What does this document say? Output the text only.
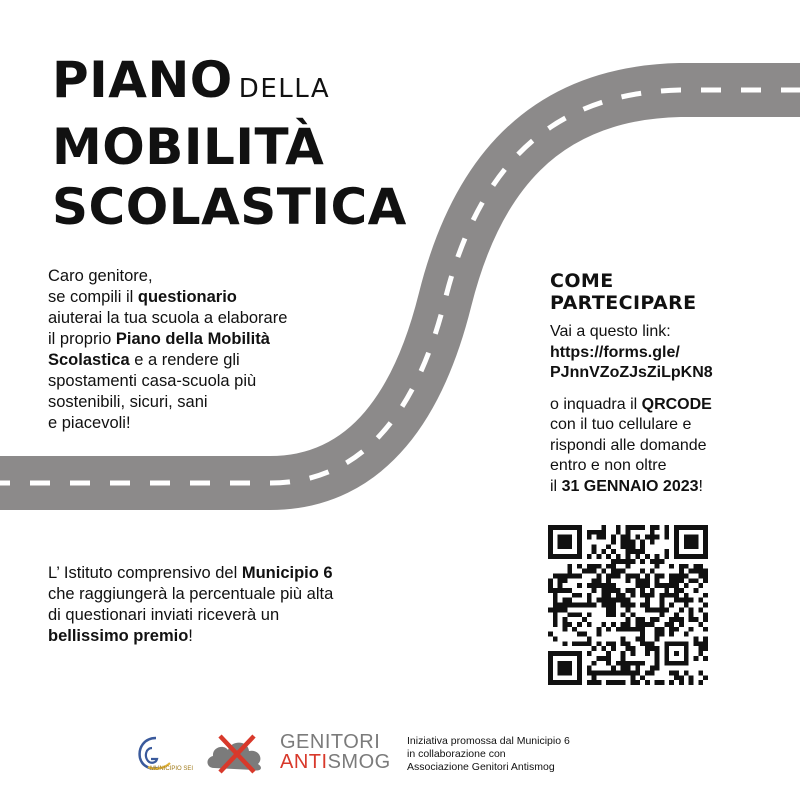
PIANO DELLA
MOBILITÀ
SCOLASTICA
Caro genitore,
se compili il questionario
aiuterai la tua scuola a elaborare
il proprio Piano della Mobilità
Scolastica e a rendere gli
spostamenti casa-scuola più
sostenibili, sicuri, sani
e piacevoli!
COME
PARTECIPARE
Vai a questo link:
https://forms.gle/
PJnnVZoZJsZiLpKN8
o inquadra il QRCODE
con il tuo cellulare e
rispondi alle domande
entro e non oltre
il 31 GENNAIO 2023!
L’ Istituto comprensivo del Municipio 6
che raggiungerà la percentuale più alta
di questionari inviati riceverà un
bellissimo premio!
MUNICIPIO SEI
GENITORI
ANTISMOG
Iniziativa promossa dal Municipio 6
in collaborazione con
Associazione Genitori Antismog
